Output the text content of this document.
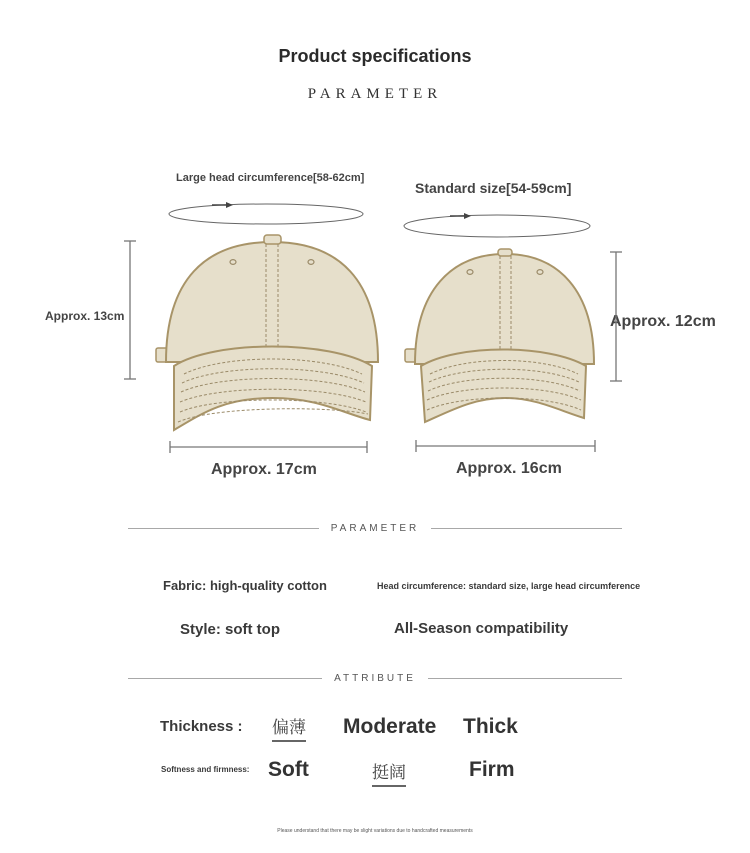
Product specifications
PARAMETER
Large head circumference[58-62cm]
Standard size[54-59cm]
Approx. 13cm	Approx. 12cm
Approx. 17cm	Approx. 16cm
PARAMETER
Fabric: high-quality cotton	Head circumference: standard size, large head circumference
Style: soft top	All-Season compatibility
ATTRIBUTE
Thickness : 偏薄 Moderate Thick
Softness and firmness: Soft	挺阔	Firm
Please understand that there may be slight variations due to handcrafted measurements
